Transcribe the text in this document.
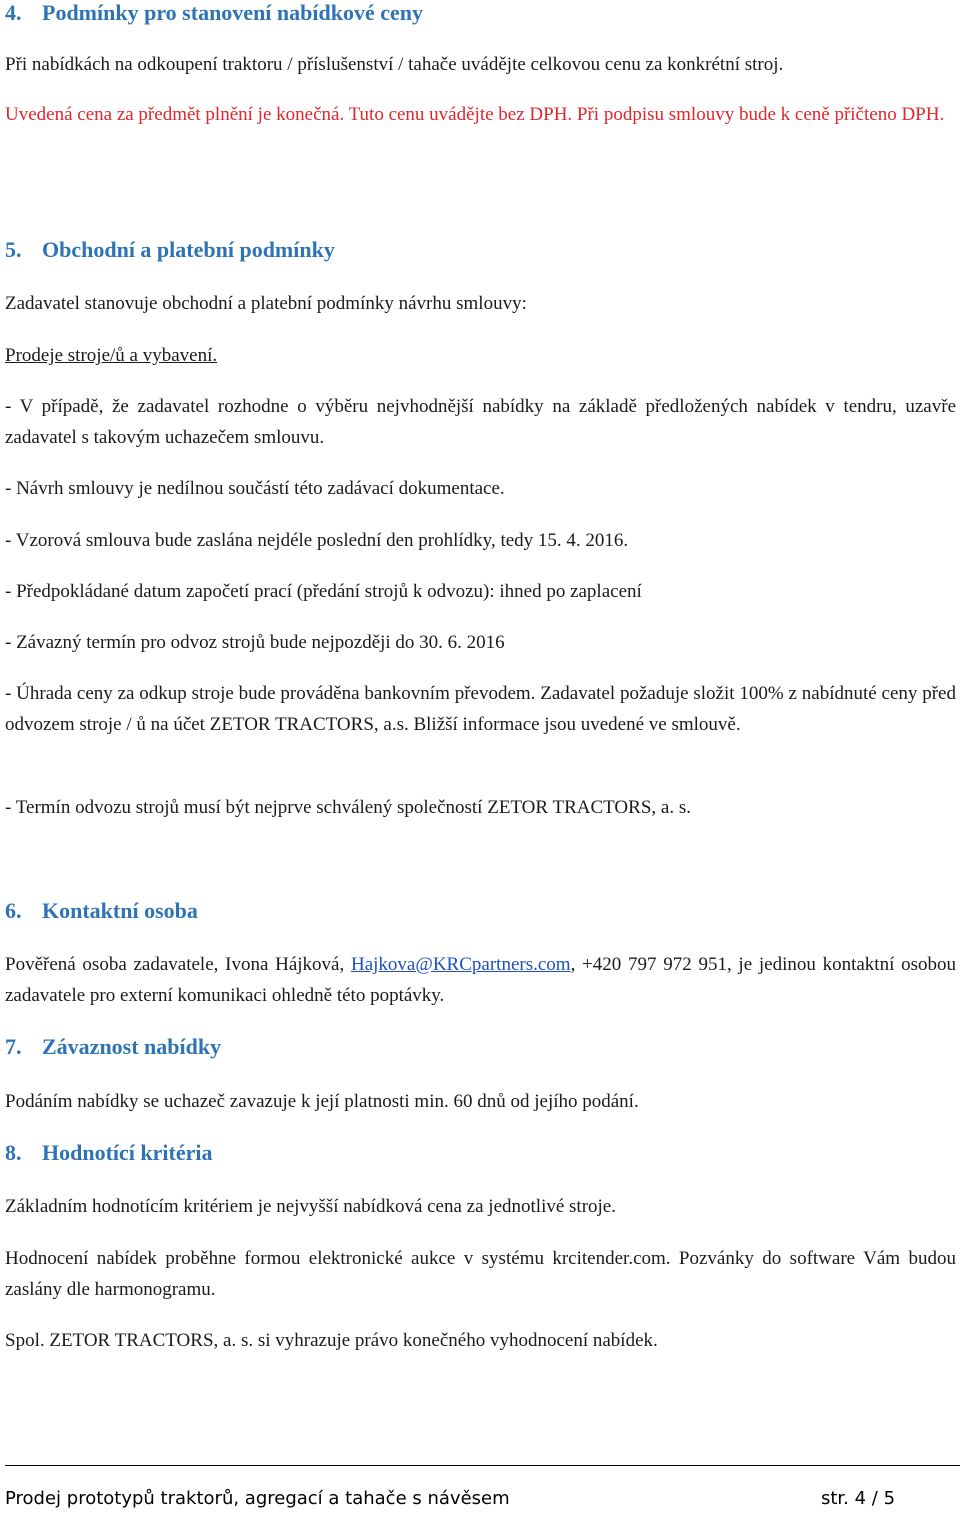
4. Podmínky pro stanovení nabídkové ceny

Při nabídkách na odkoupení traktoru / příslušenství / tahače uvádějte celkovou cenu za konkrétní stroj.

Uvedená cena za předmět plnění je konečná. Tuto cenu uvádějte bez DPH. Při podpisu smlouvy bude k ceně přičteno DPH.

5. Obchodní a platební podmínky

Zadavatel stanovuje obchodní a platební podmínky návrhu smlouvy:

Prodeje stroje/ů a vybavení.

- V případě, že zadavatel rozhodne o výběru nejvhodnější nabídky na základě předložených nabídek v tendru, uzavře zadavatel s takovým uchazečem smlouvu.

- Návrh smlouvy je nedílnou součástí této zadávací dokumentace.

- Vzorová smlouva bude zaslána nejdéle poslední den prohlídky, tedy 15. 4. 2016.

- Předpokládané datum započetí prací (předání strojů k odvozu): ihned po zaplacení

- Závazný termín pro odvoz strojů bude nejpozději do 30. 6. 2016

- Úhrada ceny za odkup stroje bude prováděna bankovním převodem. Zadavatel požaduje složit 100% z nabídnuté ceny před odvozem stroje / ů na účet ZETOR TRACTORS, a.s. Bližší informace jsou uvedené ve smlouvě.

- Termín odvozu strojů musí být nejprve schválený společností ZETOR TRACTORS, a. s.

6. Kontaktní osoba

Pověřená osoba zadavatele, Ivona Hájková, Hajkova@KRCpartners.com, +420 797 972 951, je jedinou kontaktní osobou zadavatele pro externí komunikaci ohledně této poptávky.

7. Závaznost nabídky

Podáním nabídky se uchazeč zavazuje k její platnosti min. 60 dnů od jejího podání.

8. Hodnotící kritéria

Základním hodnotícím kritériem je nejvyšší nabídková cena za jednotlivé stroje.

Hodnocení nabídek proběhne formou elektronické aukce v systému krcitender.com. Pozvánky do software Vám budou zaslány dle harmonogramu.

Spol. ZETOR TRACTORS, a. s. si vyhrazuje právo konečného vyhodnocení nabídek.

Prodej prototypů traktorů, agregací a tahače s návěsem	str. 4 / 5
